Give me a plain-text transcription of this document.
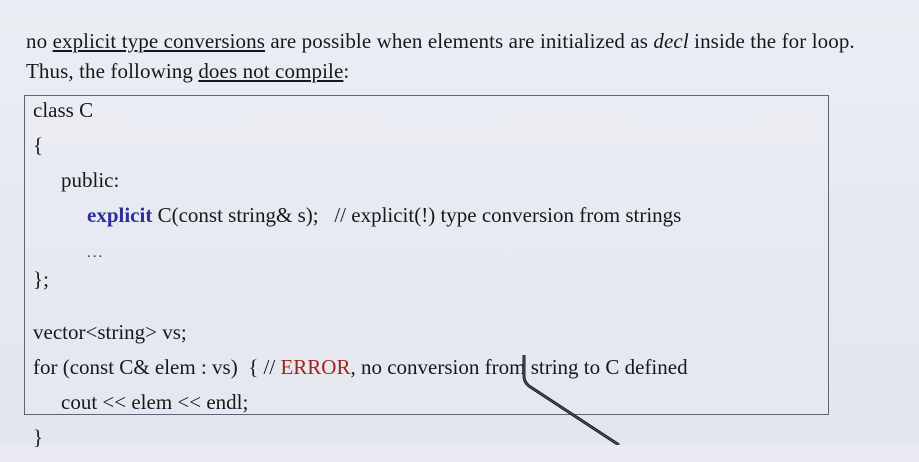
no explicit type conversions are possible when elements are initialized as decl inside the for loop. Thus, the following does not compile:

class C
{
public:
explicit C(const string& s);   // explicit(!) type conversion from strings
...
};
vector<string> vs;
for (const C& elem : vs)  { // ERROR, no conversion from string to C defined
cout << elem << endl;
}
